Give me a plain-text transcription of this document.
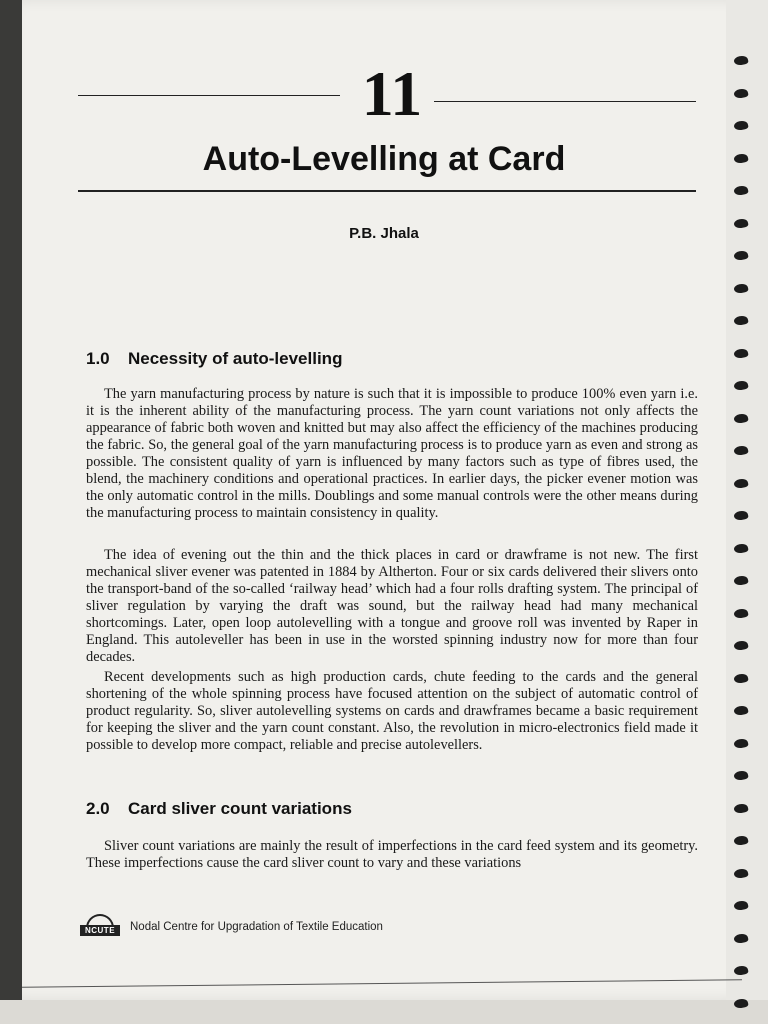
11
Auto-Levelling at Card
P.B. Jhala
1.0 Necessity of auto-levelling

The yarn manufacturing process by nature is such that it is impossible to produce 100% even yarn i.e. it is the inherent ability of the manufacturing process. The yarn count variations not only affects the appearance of fabric both woven and knitted but may also affect the efficiency of the machines producing the fabric. So, the general goal of the yarn manufacturing process is to produce yarn as even and strong as possible. The consistent quality of yarn is influenced by many factors such as type of fibres used, the blend, the machinery conditions and operational practices. In earlier days, the picker evener motion was the only automatic control in the mills. Doublings and some manual controls were the other means during the manufacturing process to maintain consistency in quality.

The idea of evening out the thin and the thick places in card or drawframe is not new. The first mechanical sliver evener was patented in 1884 by Altherton. Four or six cards delivered their slivers onto the transport-band of the so-called ‘railway head’ which had a four rolls drafting system. The principal of sliver regulation by varying the draft was sound, but the railway head had many mechanical shortcomings. Later, open loop autolevelling with a tongue and groove roll was invented by Raper in England. This autoleveller has been in use in the worsted spinning industry now for more than four decades.

Recent developments such as high production cards, chute feeding to the cards and the general shortening of the whole spinning process have focused attention on the subject of automatic control of product regularity. So, sliver autolevelling systems on cards and drawframes became a basic requirement for keeping the sliver and the yarn count constant. Also, the revolution in micro-electronics field made it possible to develop more compact, reliable and precise autolevellers.

2.0 Card sliver count variations

Sliver count variations are mainly the result of imperfections in the card feed system and its geometry. These imperfections cause the card sliver count to vary and these variations

NCUTE	Nodal Centre for Upgradation of Textile Education
